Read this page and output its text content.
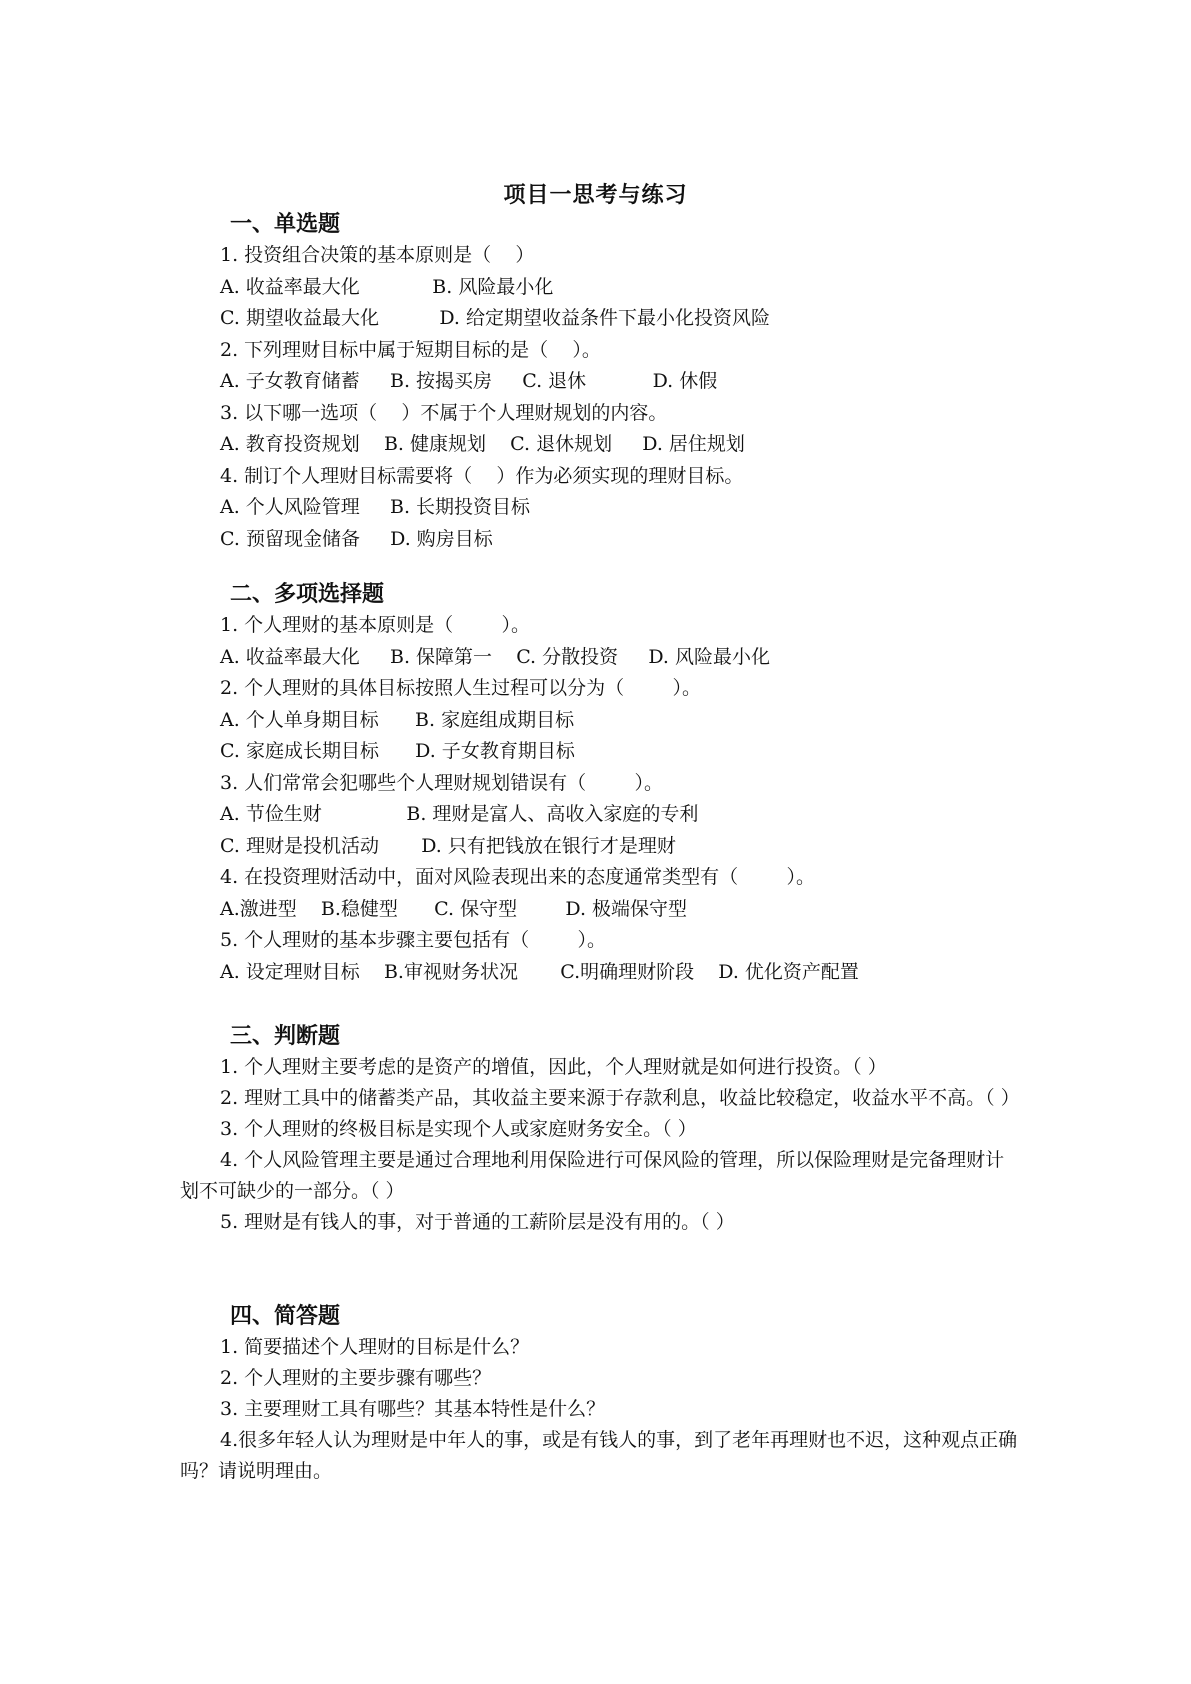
项目一思考与练习
一、单选题
1. 投资组合决策的基本原则是（    ）
A. 收益率最大化            B. 风险最小化
C. 期望收益最大化          D. 给定期望收益条件下最小化投资风险
2. 下列理财目标中属于短期目标的是（    ）。
A. 子女教育储蓄     B. 按揭买房     C. 退休           D. 休假
3. 以下哪一选项（    ）不属于个人理财规划的内容。
A. 教育投资规划    B. 健康规划    C. 退休规划     D. 居住规划
4. 制订个人理财目标需要将（    ）作为必须实现的理财目标。
A. 个人风险管理     B. 长期投资目标
C. 预留现金储备     D. 购房目标
二、多项选择题
1. 个人理财的基本原则是（        ）。
A. 收益率最大化     B. 保障第一    C. 分散投资     D. 风险最小化
2. 个人理财的具体目标按照人生过程可以分为（        ）。
A. 个人单身期目标      B. 家庭组成期目标
C. 家庭成长期目标      D. 子女教育期目标
3. 人们常常会犯哪些个人理财规划错误有（        ）。
A. 节俭生财              B. 理财是富人、高收入家庭的专利
C. 理财是投机活动       D. 只有把钱放在银行才是理财
4. 在投资理财活动中，面对风险表现出来的态度通常类型有（        ）。
A.激进型    B.稳健型      C. 保守型        D. 极端保守型
5. 个人理财的基本步骤主要包括有（        ）。
A. 设定理财目标    B.审视财务状况       C.明确理财阶段    D. 优化资产配置
三、判断题
1. 个人理财主要考虑的是资产的增值，因此，个人理财就是如何进行投资。（ ）
2. 理财工具中的储蓄类产品，其收益主要来源于存款利息，收益比较稳定，收益水平不高。（ ）
3. 个人理财的终极目标是实现个人或家庭财务安全。（ ）
4. 个人风险管理主要是通过合理地利用保险进行可保风险的管理，所以保险理财是完备理财计划不可缺少的一部分。（ ）
5. 理财是有钱人的事，对于普通的工薪阶层是没有用的。（ ）
四、简答题
1. 简要描述个人理财的目标是什么？
2. 个人理财的主要步骤有哪些？
3. 主要理财工具有哪些？其基本特性是什么？
4.很多年轻人认为理财是中年人的事，或是有钱人的事，到了老年再理财也不迟，这种观点正确吗？请说明理由。
